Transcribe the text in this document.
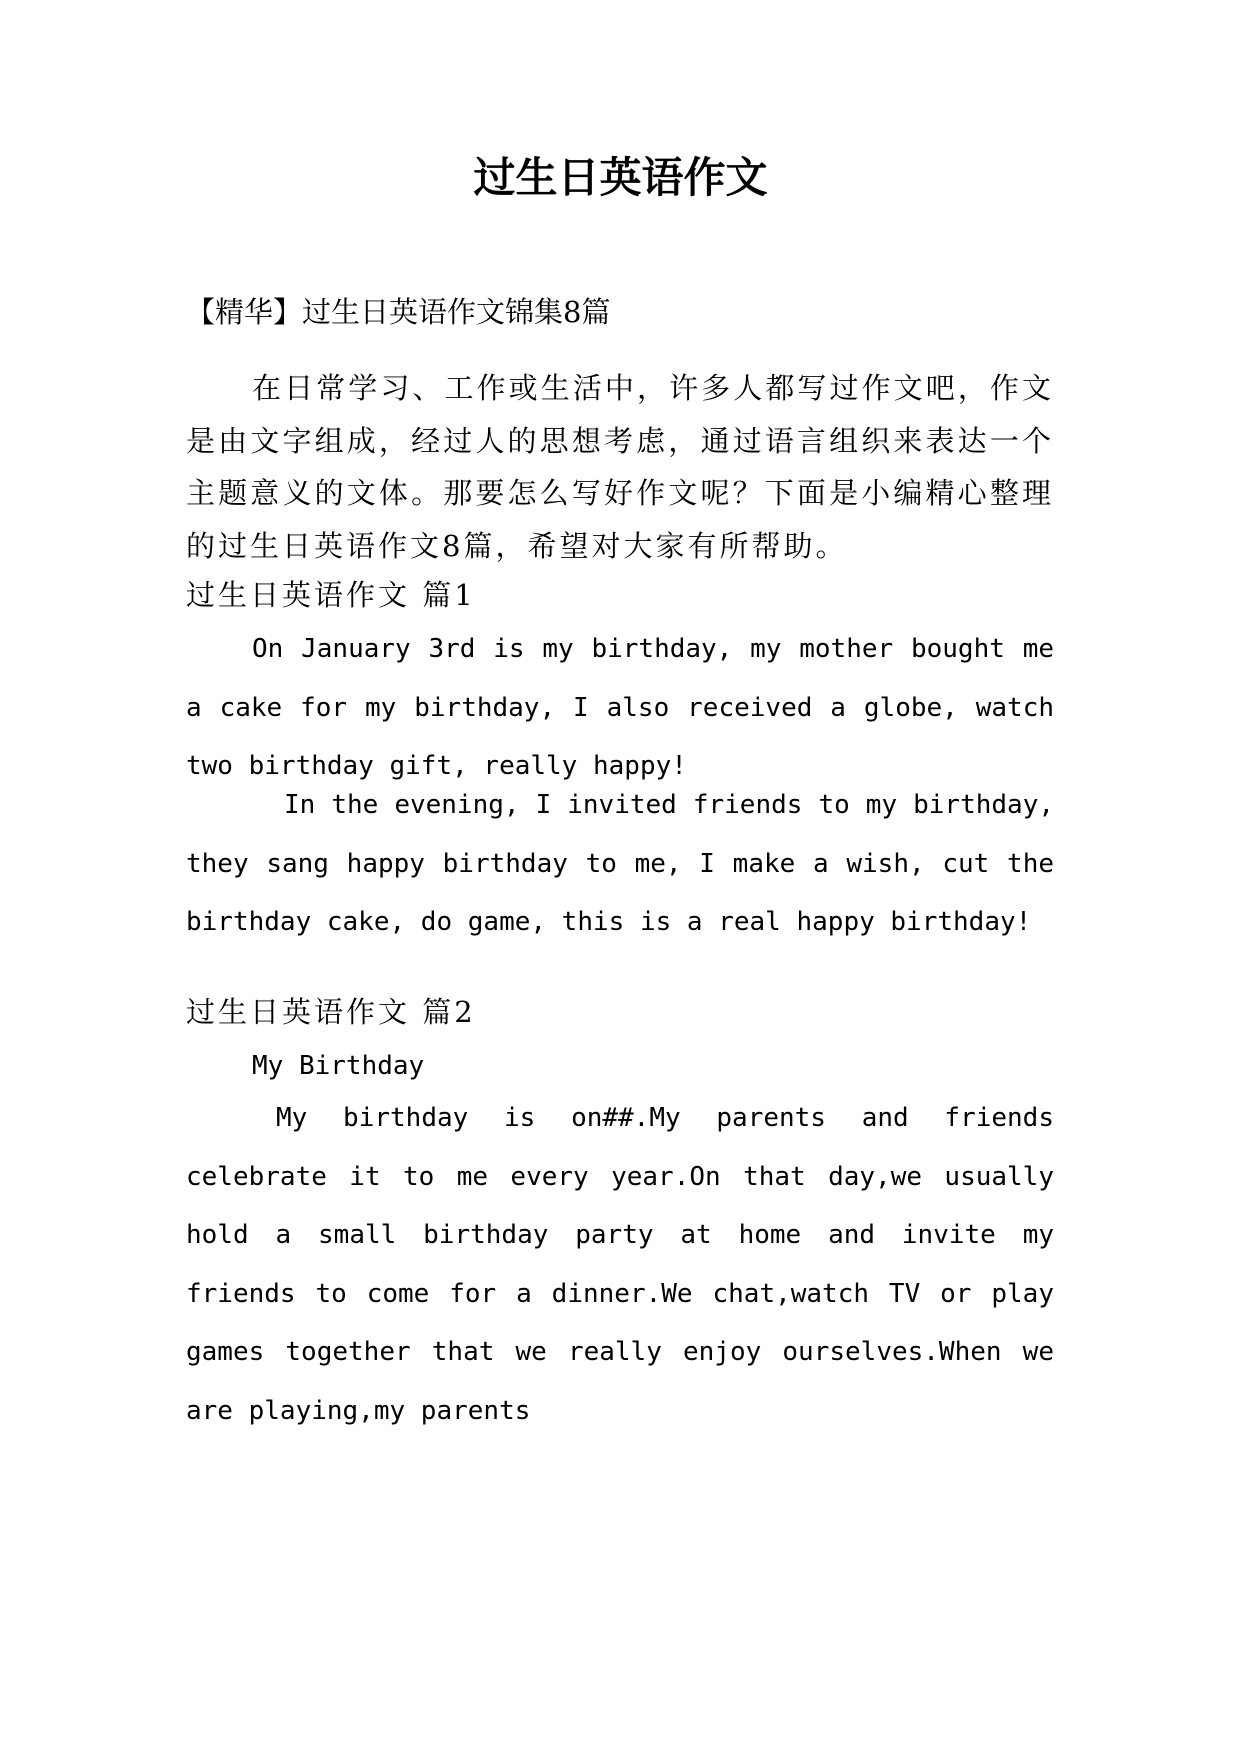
过生日英语作文
【精华】过生日英语作文锦集8篇
在日常学习、工作或生活中，许多人都写过作文吧，作文是由文字组成，经过人的思想考虑，通过语言组织来表达一个主题意义的文体。那要怎么写好作文呢？下面是小编精心整理的过生日英语作文8篇，希望对大家有所帮助。
过生日英语作文 篇1
On January 3rd is my birthday, my mother bought me a cake for my birthday, I also received a globe, watch two birthday gift, really happy!
In the evening, I invited friends to my birthday, they sang happy birthday to me, I make a wish, cut the birthday cake, do game, this is a real happy birthday!
过生日英语作文 篇2
My Birthday
My birthday is on##.My parents and friends celebrate it to me every year.On that day,we usually hold a small birthday party at home and invite my friends to come for a dinner.We chat,watch TV or play games together that we really enjoy ourselves.When we are playing,my parents
